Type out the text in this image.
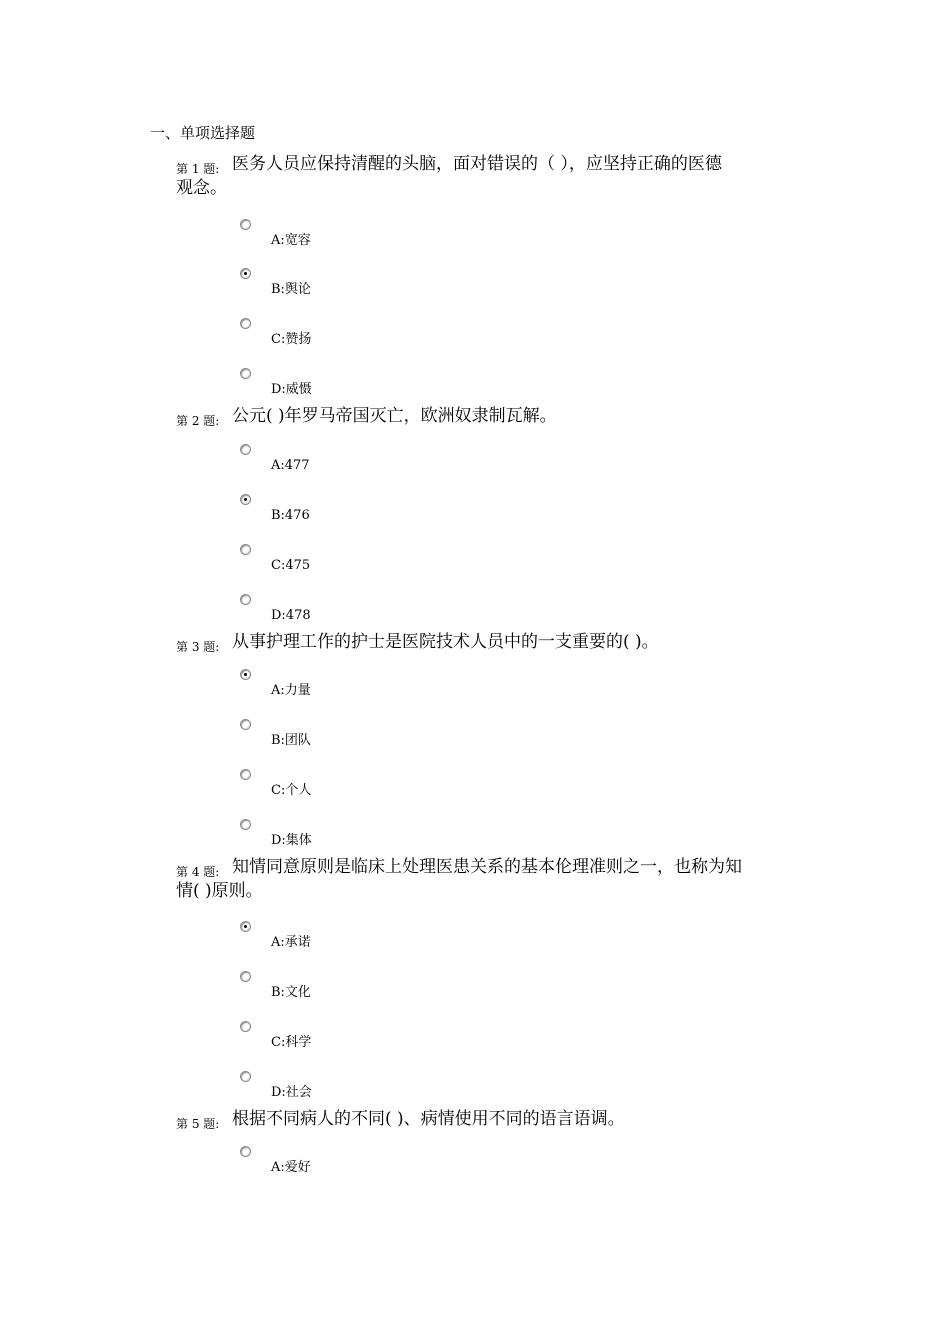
一、单项选择题
第 1 题: 医务人员应保持清醒的头脑，面对错误的（ ），应坚持正确的医德
观念。
A:宽容
B:舆论
C:赞扬
D:威慑
第 2 题: 公元( )年罗马帝国灭亡，欧洲奴隶制瓦解。
A:477
B:476
C:475
D:478
第 3 题: 从事护理工作的护士是医院技术人员中的一支重要的( )。
A:力量
B:团队
C:个人
D:集体
第 4 题: 知情同意原则是临床上处理医患关系的基本伦理准则之一，也称为知
情( )原则。
A:承诺
B:文化
C:科学
D:社会
第 5 题: 根据不同病人的不同( )、病情使用不同的语言语调。
A:爱好
